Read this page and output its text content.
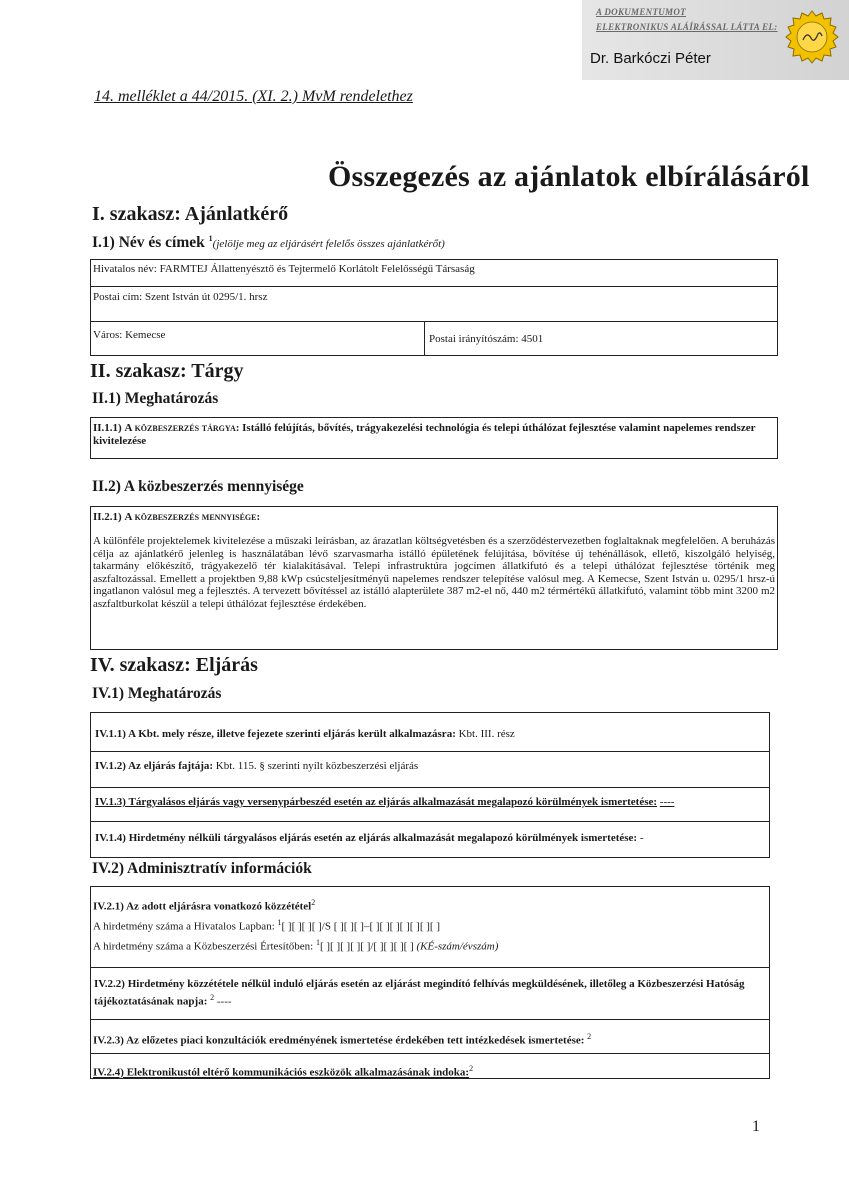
A DOKUMENTUMOT
ELEKTRONIKUS ALÁÍRÁSSAL LÁTTA EL:
Dr. Barkóczi Péter
14. melléklet a 44/2015. (XI. 2.) MvM rendelethez
Összegezés az ajánlatok elbírálásáról
I. szakasz: Ajánlatkérő
I.1) Név és címek $^1$(jelölje meg az eljárásért felelős összes ajánlatkérőt)
Hivatalos név: FARMTEJ Állattenyésztő és Tejtermelő Korlátolt Felelősségű Társaság
Postai cím: Szent István út 0295/1. hrsz
Város: Kemecse	Postai irányítószám: 4501
II. szakasz: Tárgy
II.1) Meghatározás
II.1.1) A közbeszerzés tárgya: Istálló felújítás, bővítés, trágyakezelési technológia és telepi úthálózat fejlesztése valamint napelemes rendszer kivitelezése
II.2) A közbeszerzés mennyisége
II.2.1) A közbeszerzés mennyisége:
A különféle projektelemek kivitelezése a műszaki leírásban, az árazatlan költségvetésben és a szerződéstervezetben foglaltaknak megfelelően. A beruházás célja az ajánlatkérő jelenleg is használatában lévő szarvasmarha istálló épületének felújítása, bővítése új tehénállások, ellető, kiszolgáló helyiség, takarmány előkészítő, trágyakezelő tér kialakításával. Telepi infrastruktúra jogcímen állatkifutó és a telepi úthálózat fejlesztése történik meg aszfaltozással. Emellett a projektben 9,88 kWp csúcsteljesítményű napelemes rendszer telepítése valósul meg. A Kemecse, Szent István u. 0295/1 hrsz-ú ingatlanon valósul meg a fejlesztés. A tervezett bővítéssel az istálló alapterülete 387 m2-el nő, 440 m2 térmértékű állatkifutó, valamint több mint 3200 m2 aszfaltburkolat készül a telepi úthálózat fejlesztése érdekében.
IV. szakasz: Eljárás
IV.1) Meghatározás
IV.1.1) A Kbt. mely része, illetve fejezete szerinti eljárás került alkalmazásra: Kbt. III. rész
IV.1.2) Az eljárás fajtája: Kbt. 115. § szerinti nyílt közbeszerzési eljárás
IV.1.3) Tárgyalásos eljárás vagy versenypárbeszéd esetén az eljárás alkalmazását megalapozó körülmények ismertetése: ----
IV.1.4) Hirdetmény nélküli tárgyalásos eljárás esetén az eljárás alkalmazását megalapozó körülmények ismertetése: -
IV.2) Adminisztratív információk
IV.2.1) Az adott eljárásra vonatkozó közzététel$^2$
A hirdetmény száma a Hivatalos Lapban: $^1$[ ][ ][ ][ ]/S [ ][ ][ ]–[ ][ ][ ][ ][ ][ ][ ]
A hirdetmény száma a Közbeszerzési Értesítőben: $^1$[ ][ ][ ][ ][ ]/[ ][ ][ ][ ] (KÉ-szám/évszám)
IV.2.2) Hirdetmény közzététele nélkül induló eljárás esetén az eljárást megindító felhívás megküldésének, illetőleg a Közbeszerzési Hatóság tájékoztatásának napja: $^2$ ----
IV.2.3) Az előzetes piaci konzultációk eredményének ismertetése érdekében tett intézkedések ismertetése: $^2$
IV.2.4) Elektronikustól eltérő kommunikációs eszközök alkalmazásának indoka:$^2$
1
